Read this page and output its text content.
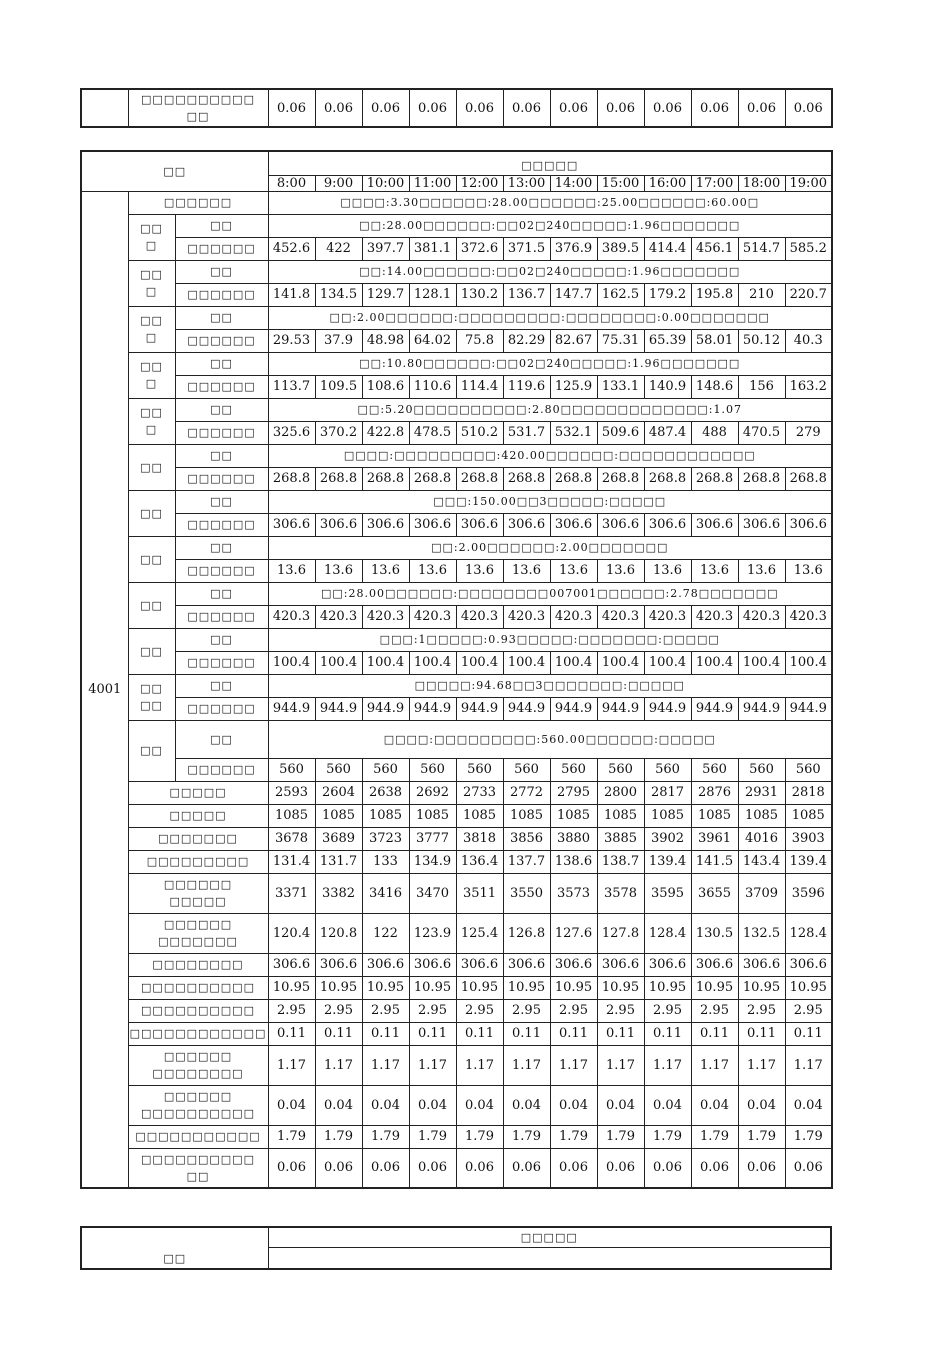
	□□□□□□□□□□
□□	0.06	0.06	0.06	0.06	0.06	0.06	0.06	0.06	0.06	0.06	0.06	0.06
□□			□□□□□											
			8:00	9:00	10:00	11:00	12:00	13:00	14:00	15:00	16:00	17:00	18:00	19:00
4001	□□□□□□		□□□□:3.30□□□□□□:28.00□□□□□□:25.00□□□□□□:60.00□											
	□□
□	□□	□□:28.00□□□□□□:□□02□240□□□□□:1.96□□□□□□□											
		□□□□□□	452.6	422	397.7	381.1	372.6	371.5	376.9	389.5	414.4	456.1	514.7	585.2
	□□
□	□□	□□:14.00□□□□□□:□□02□240□□□□□:1.96□□□□□□□											
		□□□□□□	141.8	134.5	129.7	128.1	130.2	136.7	147.7	162.5	179.2	195.8	210	220.7
	□□
□	□□	□□:2.00□□□□□□:□□□□□□□□□:□□□□□□□□:0.00□□□□□□□											
		□□□□□□	29.53	37.9	48.98	64.02	75.8	82.29	82.67	75.31	65.39	58.01	50.12	40.3
	□□
□	□□	□□:10.80□□□□□□:□□02□240□□□□□:1.96□□□□□□□											
		□□□□□□	113.7	109.5	108.6	110.6	114.4	119.6	125.9	133.1	140.9	148.6	156	163.2
	□□
□	□□	□□:5.20□□□□□□□□□□:2.80□□□□□□□□□□□□□:1.07											
		□□□□□□	325.6	370.2	422.8	478.5	510.2	531.7	532.1	509.6	487.4	488	470.5	279
	□□	□□	□□□□:□□□□□□□□□:420.00□□□□□□:□□□□□□□□□□□□											
		□□□□□□	268.8	268.8	268.8	268.8	268.8	268.8	268.8	268.8	268.8	268.8	268.8	268.8
	□□	□□	□□□:150.00□□3□□□□□:□□□□□											
		□□□□□□	306.6	306.6	306.6	306.6	306.6	306.6	306.6	306.6	306.6	306.6	306.6	306.6
	□□	□□	□□:2.00□□□□□□:2.00□□□□□□□											
		□□□□□□	13.6	13.6	13.6	13.6	13.6	13.6	13.6	13.6	13.6	13.6	13.6	13.6
	□□	□□	□□:28.00□□□□□□:□□□□□□□□007001□□□□□□:2.78□□□□□□□											
		□□□□□□	420.3	420.3	420.3	420.3	420.3	420.3	420.3	420.3	420.3	420.3	420.3	420.3
	□□	□□	□□□:1□□□□□:0.93□□□□□:□□□□□□□:□□□□□											
		□□□□□□	100.4	100.4	100.4	100.4	100.4	100.4	100.4	100.4	100.4	100.4	100.4	100.4
	□□
□□	□□	□□□□□:94.68□□3□□□□□□□:□□□□□											
		□□□□□□	944.9	944.9	944.9	944.9	944.9	944.9	944.9	944.9	944.9	944.9	944.9	944.9
	□□	□□	□□□□:□□□□□□□□□:560.00□□□□□□:□□□□□											
		□□□□□□	560	560	560	560	560	560	560	560	560	560	560	560
	□□□□□		2593	2604	2638	2692	2733	2772	2795	2800	2817	2876	2931	2818
	□□□□□		1085	1085	1085	1085	1085	1085	1085	1085	1085	1085	1085	1085
	□□□□□□□		3678	3689	3723	3777	3818	3856	3880	3885	3902	3961	4016	3903
	□□□□□□□□□		131.4	131.7	133	134.9	136.4	137.7	138.6	138.7	139.4	141.5	143.4	139.4
	□□□□□□
□□□□□		3371	3382	3416	3470	3511	3550	3573	3578	3595	3655	3709	3596
	□□□□□□
□□□□□□□		120.4	120.8	122	123.9	125.4	126.8	127.6	127.8	128.4	130.5	132.5	128.4
	□□□□□□□□		306.6	306.6	306.6	306.6	306.6	306.6	306.6	306.6	306.6	306.6	306.6	306.6
	□□□□□□□□□□		10.95	10.95	10.95	10.95	10.95	10.95	10.95	10.95	10.95	10.95	10.95	10.95
	□□□□□□□□□□		2.95	2.95	2.95	2.95	2.95	2.95	2.95	2.95	2.95	2.95	2.95	2.95
	□□□□□□□□□□□□		0.11	0.11	0.11	0.11	0.11	0.11	0.11	0.11	0.11	0.11	0.11	0.11
	□□□□□□
□□□□□□□□		1.17	1.17	1.17	1.17	1.17	1.17	1.17	1.17	1.17	1.17	1.17	1.17
	□□□□□□
□□□□□□□□□□		0.04	0.04	0.04	0.04	0.04	0.04	0.04	0.04	0.04	0.04	0.04	0.04
	□□□□□□□□□□□		1.79	1.79	1.79	1.79	1.79	1.79	1.79	1.79	1.79	1.79	1.79	1.79
	□□□□□□□□□□
□□		0.06	0.06	0.06	0.06	0.06	0.06	0.06	0.06	0.06	0.06	0.06	0.06
□□	□□□□□
